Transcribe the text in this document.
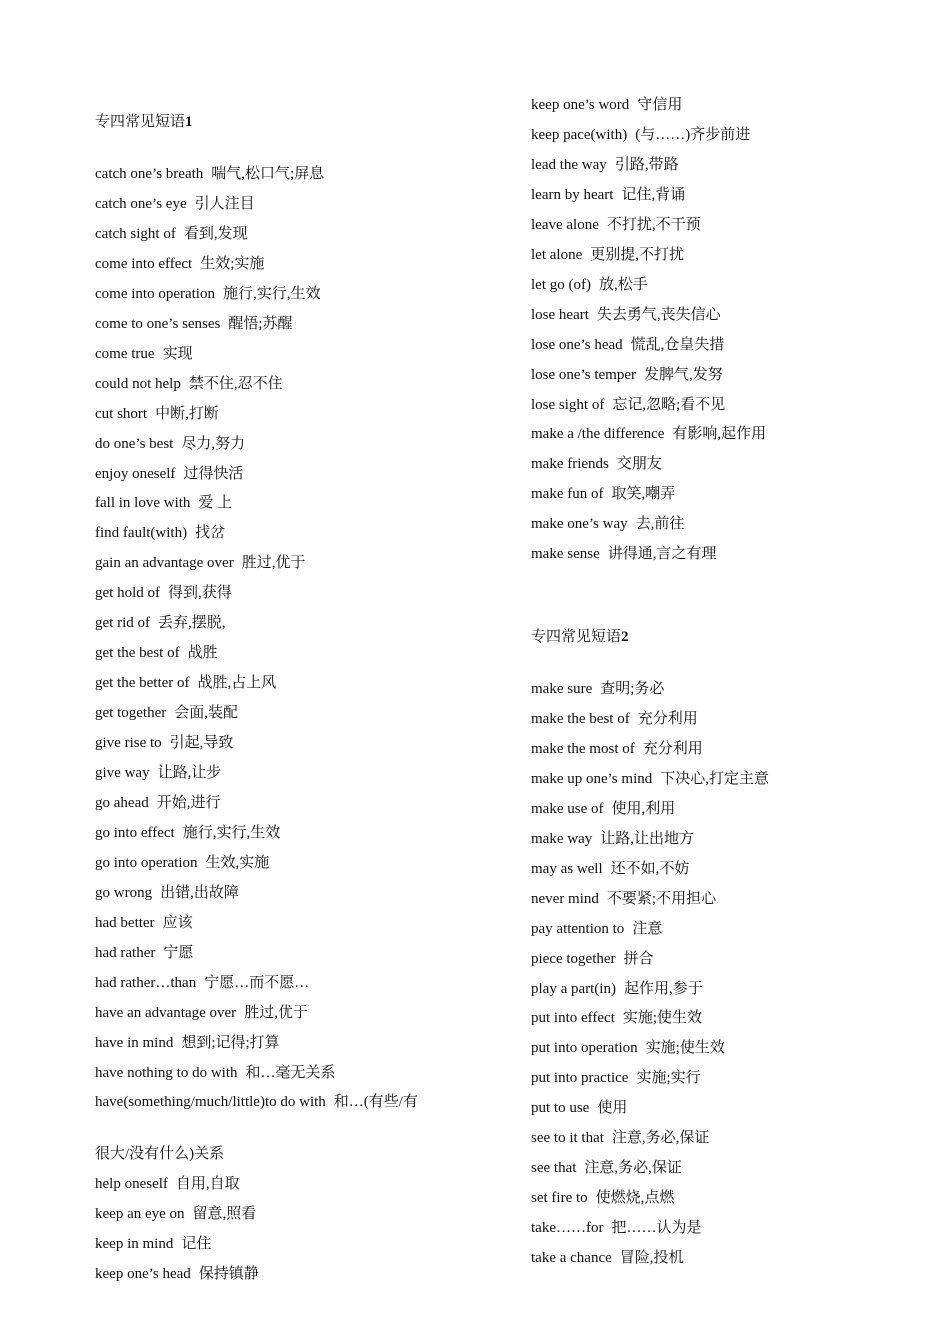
专四常见短语1
catch one’s breath 喘气,松口气;屏息
catch one’s eye 引人注目
catch sight of 看到,发现
come into effect 生效;实施
come into operation 施行,实行,生效
come to one’s senses 醒悟;苏醒
come true 实现
could not help 禁不住,忍不住
cut short 中断,打断
do one’s best 尽力,努力
enjoy oneself 过得快活
fall in love with 爱 上
find fault(with) 找岔
gain an advantage over 胜过,优于
get hold of 得到,获得
get rid of 丢弃,摆脱,
get the best of 战胜
get the better of 战胜,占上风
get together 会面,装配
give rise to 引起,导致
give way 让路,让步
go ahead 开始,进行
go into effect 施行,实行,生效
go into operation 生效,实施
go wrong 出错,出故障
had better 应该
had rather 宁愿
had rather…than 宁愿…而不愿…
have an advantage over 胜过,优于
have in mind 想到;记得;打算
have nothing to do with 和…毫无关系
have(something/much/little)to do with 和…(有些/有
很大/没有什么)关系
help oneself 自用,自取
keep an eye on 留意,照看
keep in mind 记住
keep one’s head 保持镇静
keep one’s word 守信用
keep pace(with) (与……)齐步前进
lead the way 引路,带路
learn by heart 记住,背诵
leave alone 不打扰,不干预
let alone 更别提,不打扰
let go (of) 放,松手
lose heart 失去勇气,丧失信心
lose one’s head 慌乱,仓皇失措
lose one’s temper 发脾气,发努
lose sight of 忘记,忽略;看不见
make a /the difference 有影响,起作用
make friends 交朋友
make fun of 取笑,嘲弄
make one’s way 去,前往
make sense 讲得通,言之有理
专四常见短语2
make sure 查明;务必
make the best of 充分利用
make the most of 充分利用
make up one’s mind 下决心,打定主意
make use of 使用,利用
make way 让路,让出地方
may as well 还不如,不妨
never mind 不要紧;不用担心
pay attention to 注意
piece together 拼合
play a part(in) 起作用,参于
put into effect 实施;使生效
put into operation 实施;使生效
put into practice 实施;实行
put to use 使用
see to it that 注意,务必,保证
see that 注意,务必,保证
set fire to 使燃烧,点燃
take……for 把……认为是
take a chance 冒险,投机
